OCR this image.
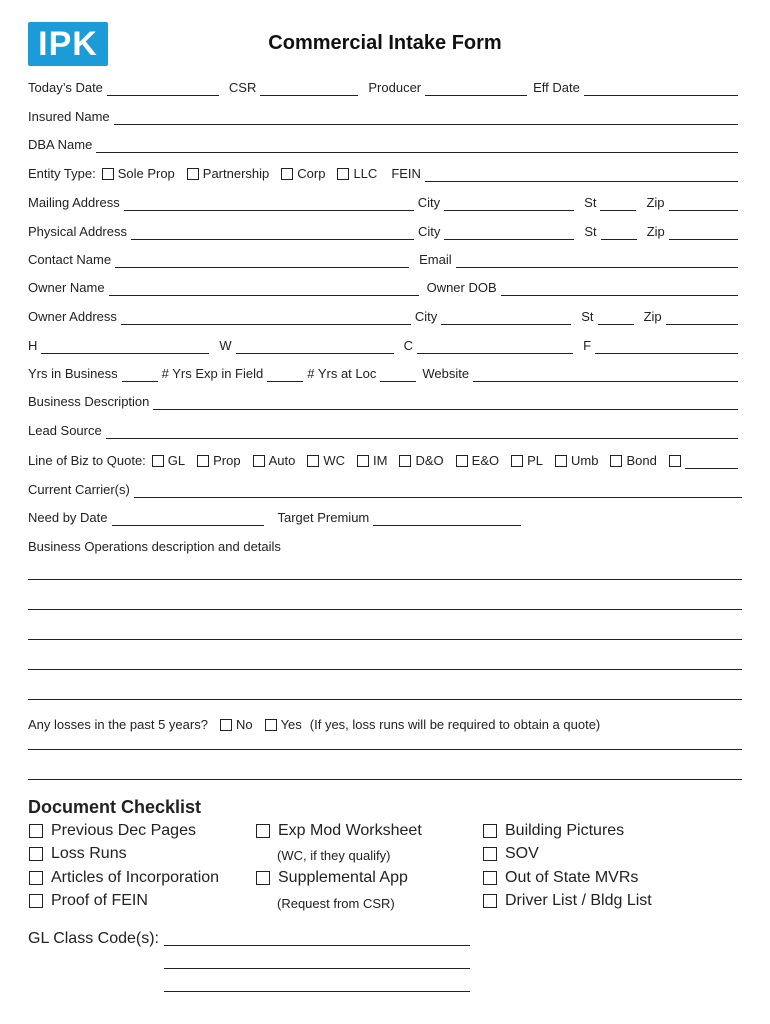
IPK	Commercial Intake Form
Today’s Date	CSR	Producer	Eff Date
Insured Name
DBA Name
Entity Type:	Sole Prop	Partnership	Corp	LLC	FEIN
Mailing Address	City	St	Zip
Physical Address	City	St	Zip
Contact Name	Email
Owner Name	Owner DOB
Owner Address	City	St	Zip
H	W	C	F
Yrs in Business	# Yrs Exp in Field	# Yrs at Loc	Website
Business Description
Lead Source
Line of Biz to Quote:	GL	Prop	Auto	WC	IM	D&O	E&O	PL	Umb	Bond
Current Carrier(s)
Need by Date	Target Premium
Business Operations description and details
Any losses in the past 5 years?	No	Yes (If yes, loss runs will be required to obtain a quote)
Document Checklist
Previous Dec Pages
Loss Runs
Articles of Incorporation
Proof of FEIN
Exp Mod Worksheet
(WC, if they qualify)
Supplemental App
(Request from CSR)
Building Pictures
SOV
Out of State MVRs
Driver List / Bldg List
GL Class Code(s):
